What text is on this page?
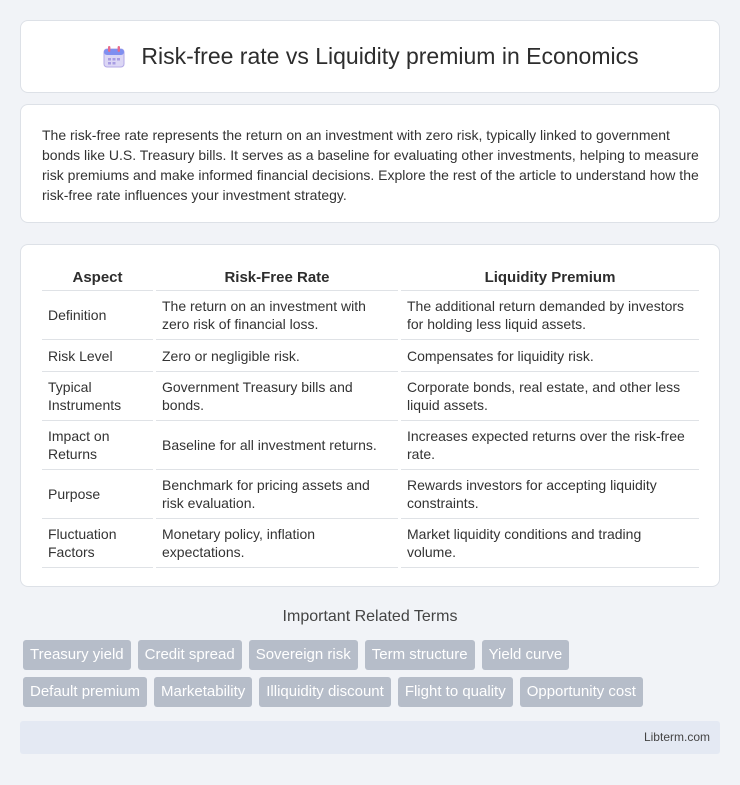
Risk-free rate vs Liquidity premium in Economics

The risk-free rate represents the return on an investment with zero risk, typically linked to government bonds like U.S. Treasury bills. It serves as a baseline for evaluating other investments, helping to measure risk premiums and make informed financial decisions. Explore the rest of the article to understand how the risk-free rate influences your investment strategy.

Aspect		Risk-Free Rate		Liquidity Premium
Definition		The return on an investment with zero risk of financial loss.		The additional return demanded by investors for holding less liquid assets.
Risk Level		Zero or negligible risk.		Compensates for liquidity risk.
Typical Instruments		Government Treasury bills and bonds.		Corporate bonds, real estate, and other less liquid assets.
Impact on Returns		Baseline for all investment returns.		Increases expected returns over the risk-free rate.
Purpose		Benchmark for pricing assets and risk evaluation.		Rewards investors for accepting liquidity constraints.
Fluctuation Factors		Monetary policy, inflation expectations.		Market liquidity conditions and trading volume.
Important Related Terms
Treasury yield	Credit spread	Sovereign risk	Term structure	Yield curve
Default premium	Marketability	Illiquidity discount	Flight to quality	Opportunity cost
Libterm.com
